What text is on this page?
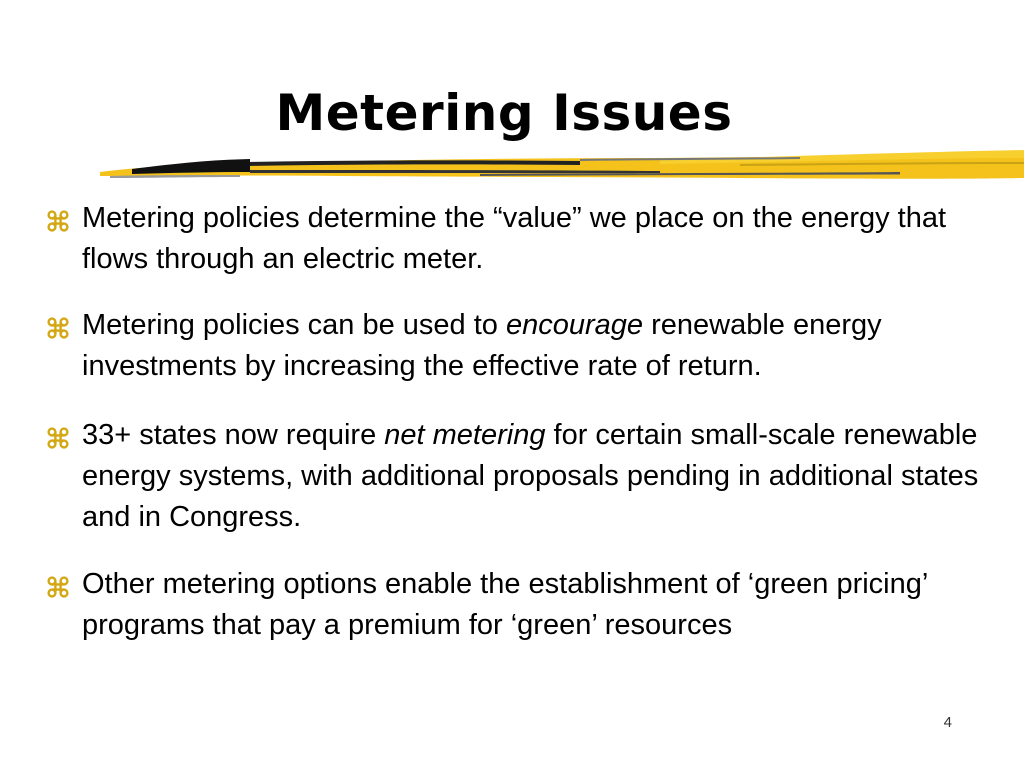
Metering Issues
Metering policies determine the “value” we place on the energy that flows through an electric meter.
Metering policies can be used to encourage renewable energy investments by increasing the effective rate of return.
33+ states now require net metering for certain small-scale renewable energy systems, with additional proposals pending in additional states and in Congress.
Other metering options enable the establishment of ‘green pricing’ programs that pay a premium for ‘green’ resources
4
